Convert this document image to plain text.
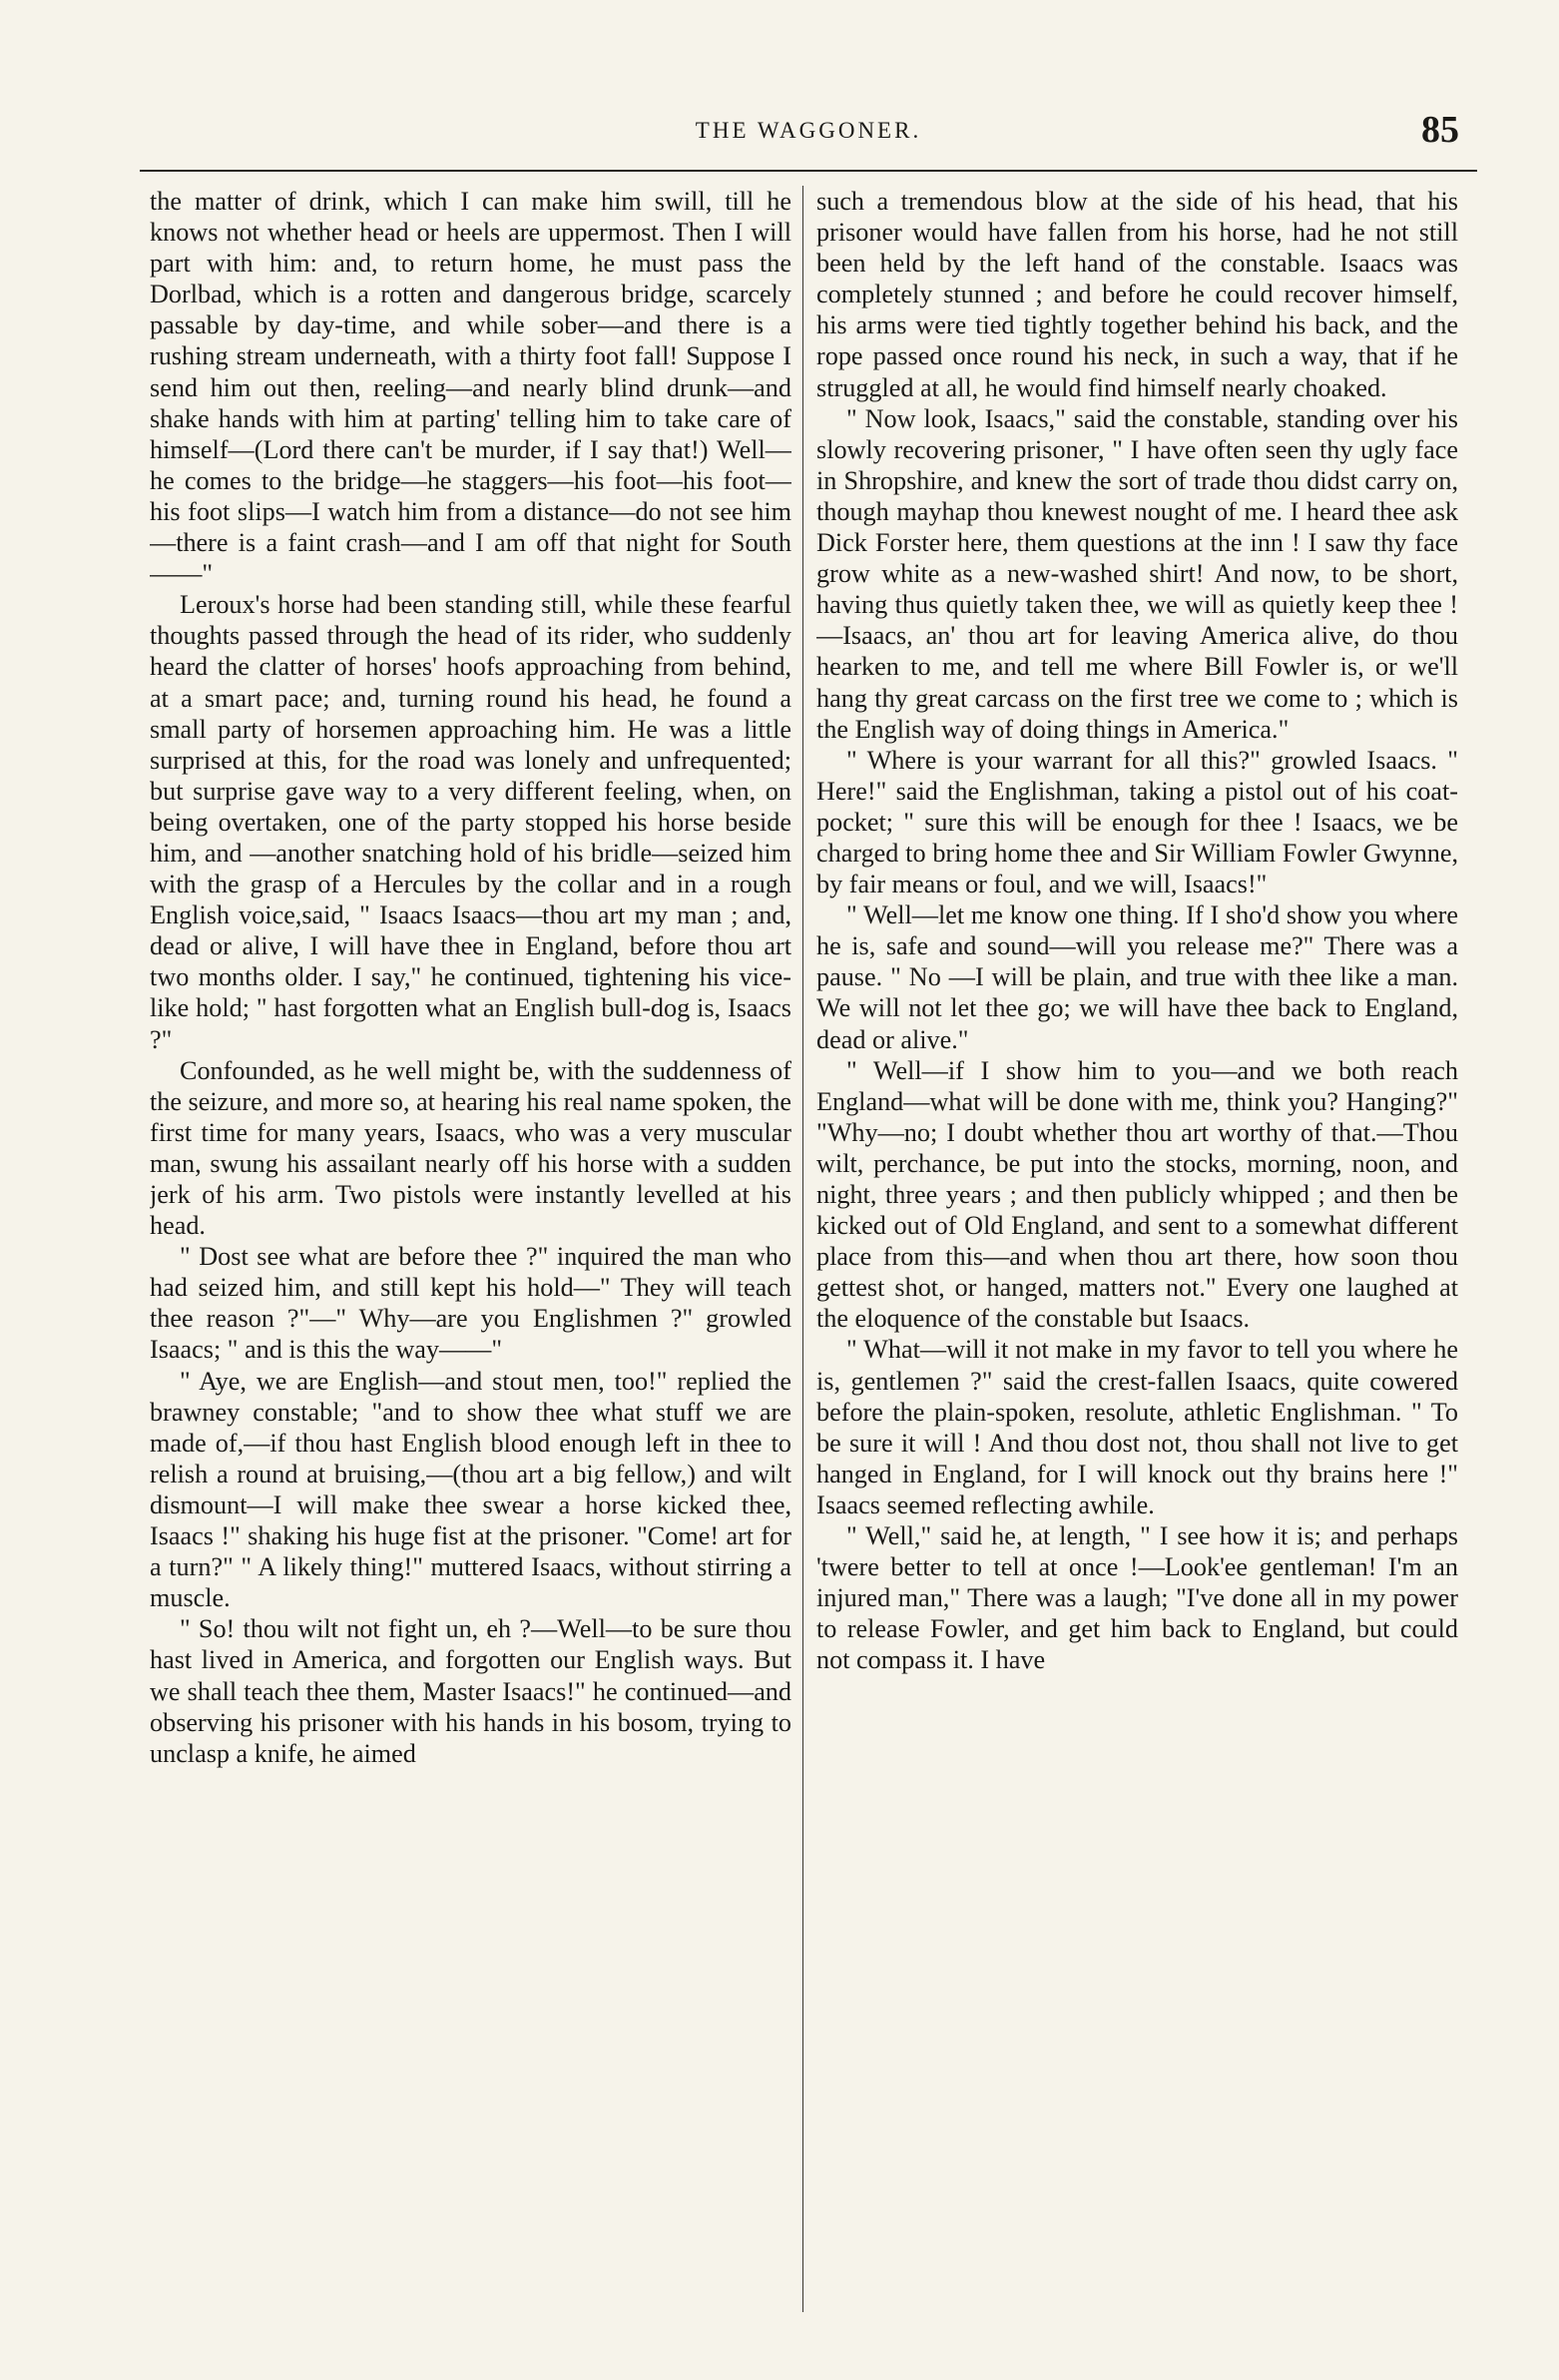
THE WAGGONER.	85

the matter of drink, which I can make him swill, till he knows not whether head or heels are uppermost. Then I will part with him: and, to return home, he must pass the Dorlbad, which is a rotten and dangerous bridge, scarcely passable by day-time, and while sober—and there is a rushing stream underneath, with a thirty foot fall! Suppose I send him out then, reeling—and nearly blind drunk—and shake hands with him at parting' telling him to take care of himself—(Lord there can't be murder, if I say that!) Well—he comes to the bridge—he staggers—his foot—his foot—his foot slips—I watch him from a distance—do not see him—there is a faint crash—and I am off that night for South——"

Leroux's horse had been standing still, while these fearful thoughts passed through the head of its rider, who suddenly heard the clatter of horses' hoofs approaching from behind, at a smart pace; and, turning round his head, he found a small party of horsemen approaching him. He was a little surprised at this, for the road was lonely and unfrequented; but surprise gave way to a very different feeling, when, on being overtaken, one of the party stopped his horse beside him, and —another snatching hold of his bridle—seized him with the grasp of a Hercules by the collar and in a rough English voice,said, " Isaacs Isaacs—thou art my man ; and, dead or alive, I will have thee in England, before thou art two months older. I say," he continued, tightening his vice-like hold; " hast forgotten what an English bull-dog is, Isaacs ?"

Confounded, as he well might be, with the suddenness of the seizure, and more so, at hearing his real name spoken, the first time for many years, Isaacs, who was a very muscular man, swung his assailant nearly off his horse with a sudden jerk of his arm. Two pistols were instantly levelled at his head.

" Dost see what are before thee ?" inquired the man who had seized him, and still kept his hold—" They will teach thee reason ?"—" Why—are you Englishmen ?" growled Isaacs; " and is this the way——"

" Aye, we are English—and stout men, too!" replied the brawney constable; "and to show thee what stuff we are made of,—if thou hast English blood enough left in thee to relish a round at bruising,—(thou art a big fellow,) and wilt dismount—I will make thee swear a horse kicked thee, Isaacs !" shaking his huge fist at the prisoner. "Come! art for a turn?" " A likely thing!" muttered Isaacs, without stirring a muscle.

" So! thou wilt not fight un, eh ?—Well—to be sure thou hast lived in America, and forgotten our English ways. But we shall teach thee them, Master Isaacs!" he continued—and observing his prisoner with his hands in his bosom, trying to unclasp a knife, he aimed

such a tremendous blow at the side of his head, that his prisoner would have fallen from his horse, had he not still been held by the left hand of the constable. Isaacs was completely stunned ; and before he could recover himself, his arms were tied tightly together behind his back, and the rope passed once round his neck, in such a way, that if he struggled at all, he would find himself nearly choaked.

" Now look, Isaacs," said the constable, standing over his slowly recovering prisoner, " I have often seen thy ugly face in Shropshire, and knew the sort of trade thou didst carry on, though mayhap thou knewest nought of me. I heard thee ask Dick Forster here, them questions at the inn ! I saw thy face grow white as a new-washed shirt! And now, to be short, having thus quietly taken thee, we will as quietly keep thee !—Isaacs, an' thou art for leaving America alive, do thou hearken to me, and tell me where Bill Fowler is, or we'll hang thy great carcass on the first tree we come to ; which is the English way of doing things in America."

" Where is your warrant for all this?" growled Isaacs. " Here!" said the Englishman, taking a pistol out of his coat-pocket; " sure this will be enough for thee ! Isaacs, we be charged to bring home thee and Sir William Fowler Gwynne, by fair means or foul, and we will, Isaacs!"

" Well—let me know one thing. If I sho'd show you where he is, safe and sound—will you release me?" There was a pause. " No —I will be plain, and true with thee like a man. We will not let thee go; we will have thee back to England, dead or alive."

" Well—if I show him to you—and we both reach England—what will be done with me, think you? Hanging?" "Why—no; I doubt whether thou art worthy of that.—Thou wilt, perchance, be put into the stocks, morning, noon, and night, three years ; and then publicly whipped ; and then be kicked out of Old England, and sent to a somewhat different place from this—and when thou art there, how soon thou gettest shot, or hanged, matters not." Every one laughed at the eloquence of the constable but Isaacs.

" What—will it not make in my favor to tell you where he is, gentlemen ?" said the crest-fallen Isaacs, quite cowered before the plain-spoken, resolute, athletic Englishman. " To be sure it will ! And thou dost not, thou shall not live to get hanged in England, for I will knock out thy brains here !" Isaacs seemed reflecting awhile.

" Well," said he, at length, " I see how it is; and perhaps 'twere better to tell at once !—Look'ee gentleman! I'm an injured man," There was a laugh; "I've done all in my power to release Fowler, and get him back to England, but could not compass it. I have
